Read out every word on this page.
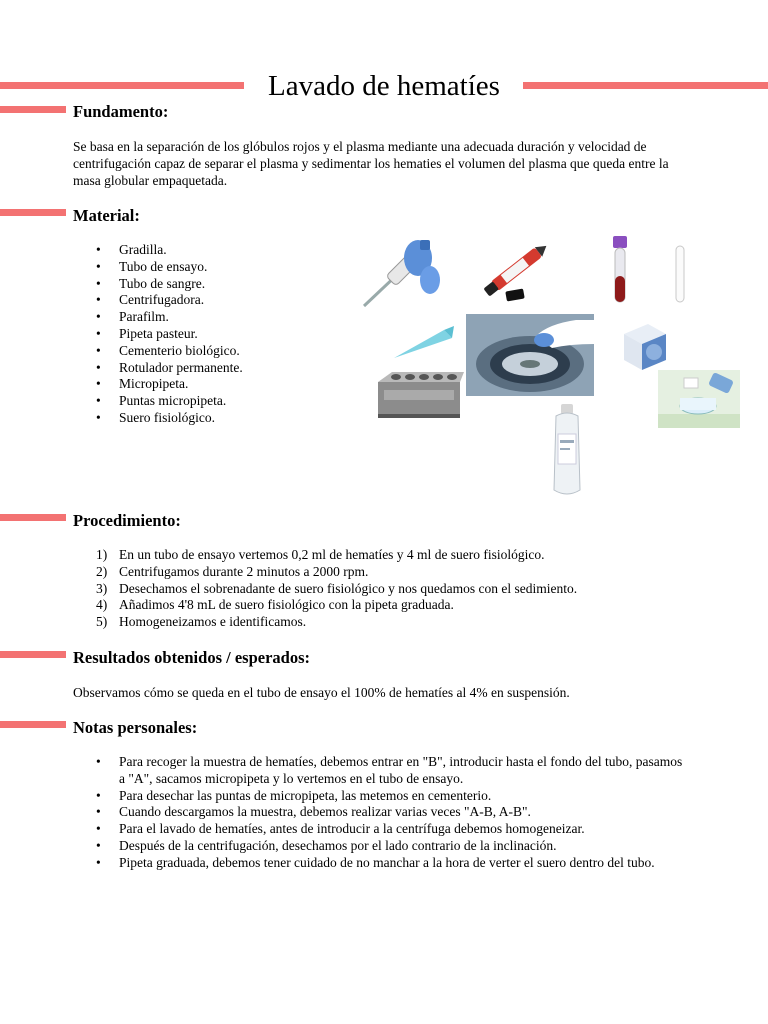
Lavado de hematíes
Fundamento:

Se basa en la separación de los glóbulos rojos y el plasma mediante una adecuada duración y velocidad de centrifugación capaz de separar el plasma y sedimentar los hematies el volumen del plasma que queda entre la masa globular empaquetada.

Material:
• Gradilla.
• Tubo de ensayo.
• Tubo de sangre.
• Centrifugadora.
• Parafilm.
• Pipeta pasteur.
• Cementerio biológico.
• Rotulador permanente.
• Micropipeta.
• Puntas micropipeta.
• Suero fisiológico.
Procedimiento:
En un tubo de ensayo vertemos 0,2 ml de hematíes y 4 ml de suero fisiológico.
Centrifugamos durante 2 minutos a 2000 rpm.
Desechamos el sobrenadante de suero fisiológico y nos quedamos con el sedimiento.
Añadimos 4'8 mL de suero fisiológico con la pipeta graduada.
Homogeneizamos e identificamos.
Resultados obtenidos / esperados:

Observamos cómo se queda en el tubo de ensayo el 100% de hematíes al 4% en suspensión.

Notas personales:
• Para recoger la muestra de hematíes, debemos entrar en "B", introducir hasta el fondo del tubo, pasamos a "A", sacamos micropipeta y lo vertemos en el tubo de ensayo.
• Para desechar las puntas de micropipeta, las metemos en cementerio.
• Cuando descargamos la muestra, debemos realizar varias veces "A-B, A-B".
• Para el lavado de hematíes, antes de introducir a la centrífuga debemos homogeneizar.
• Después de la centrifugación, desechamos por el lado contrario de la inclinación.
• Pipeta graduada, debemos tener cuidado de no manchar a la hora de verter el suero dentro del tubo.
